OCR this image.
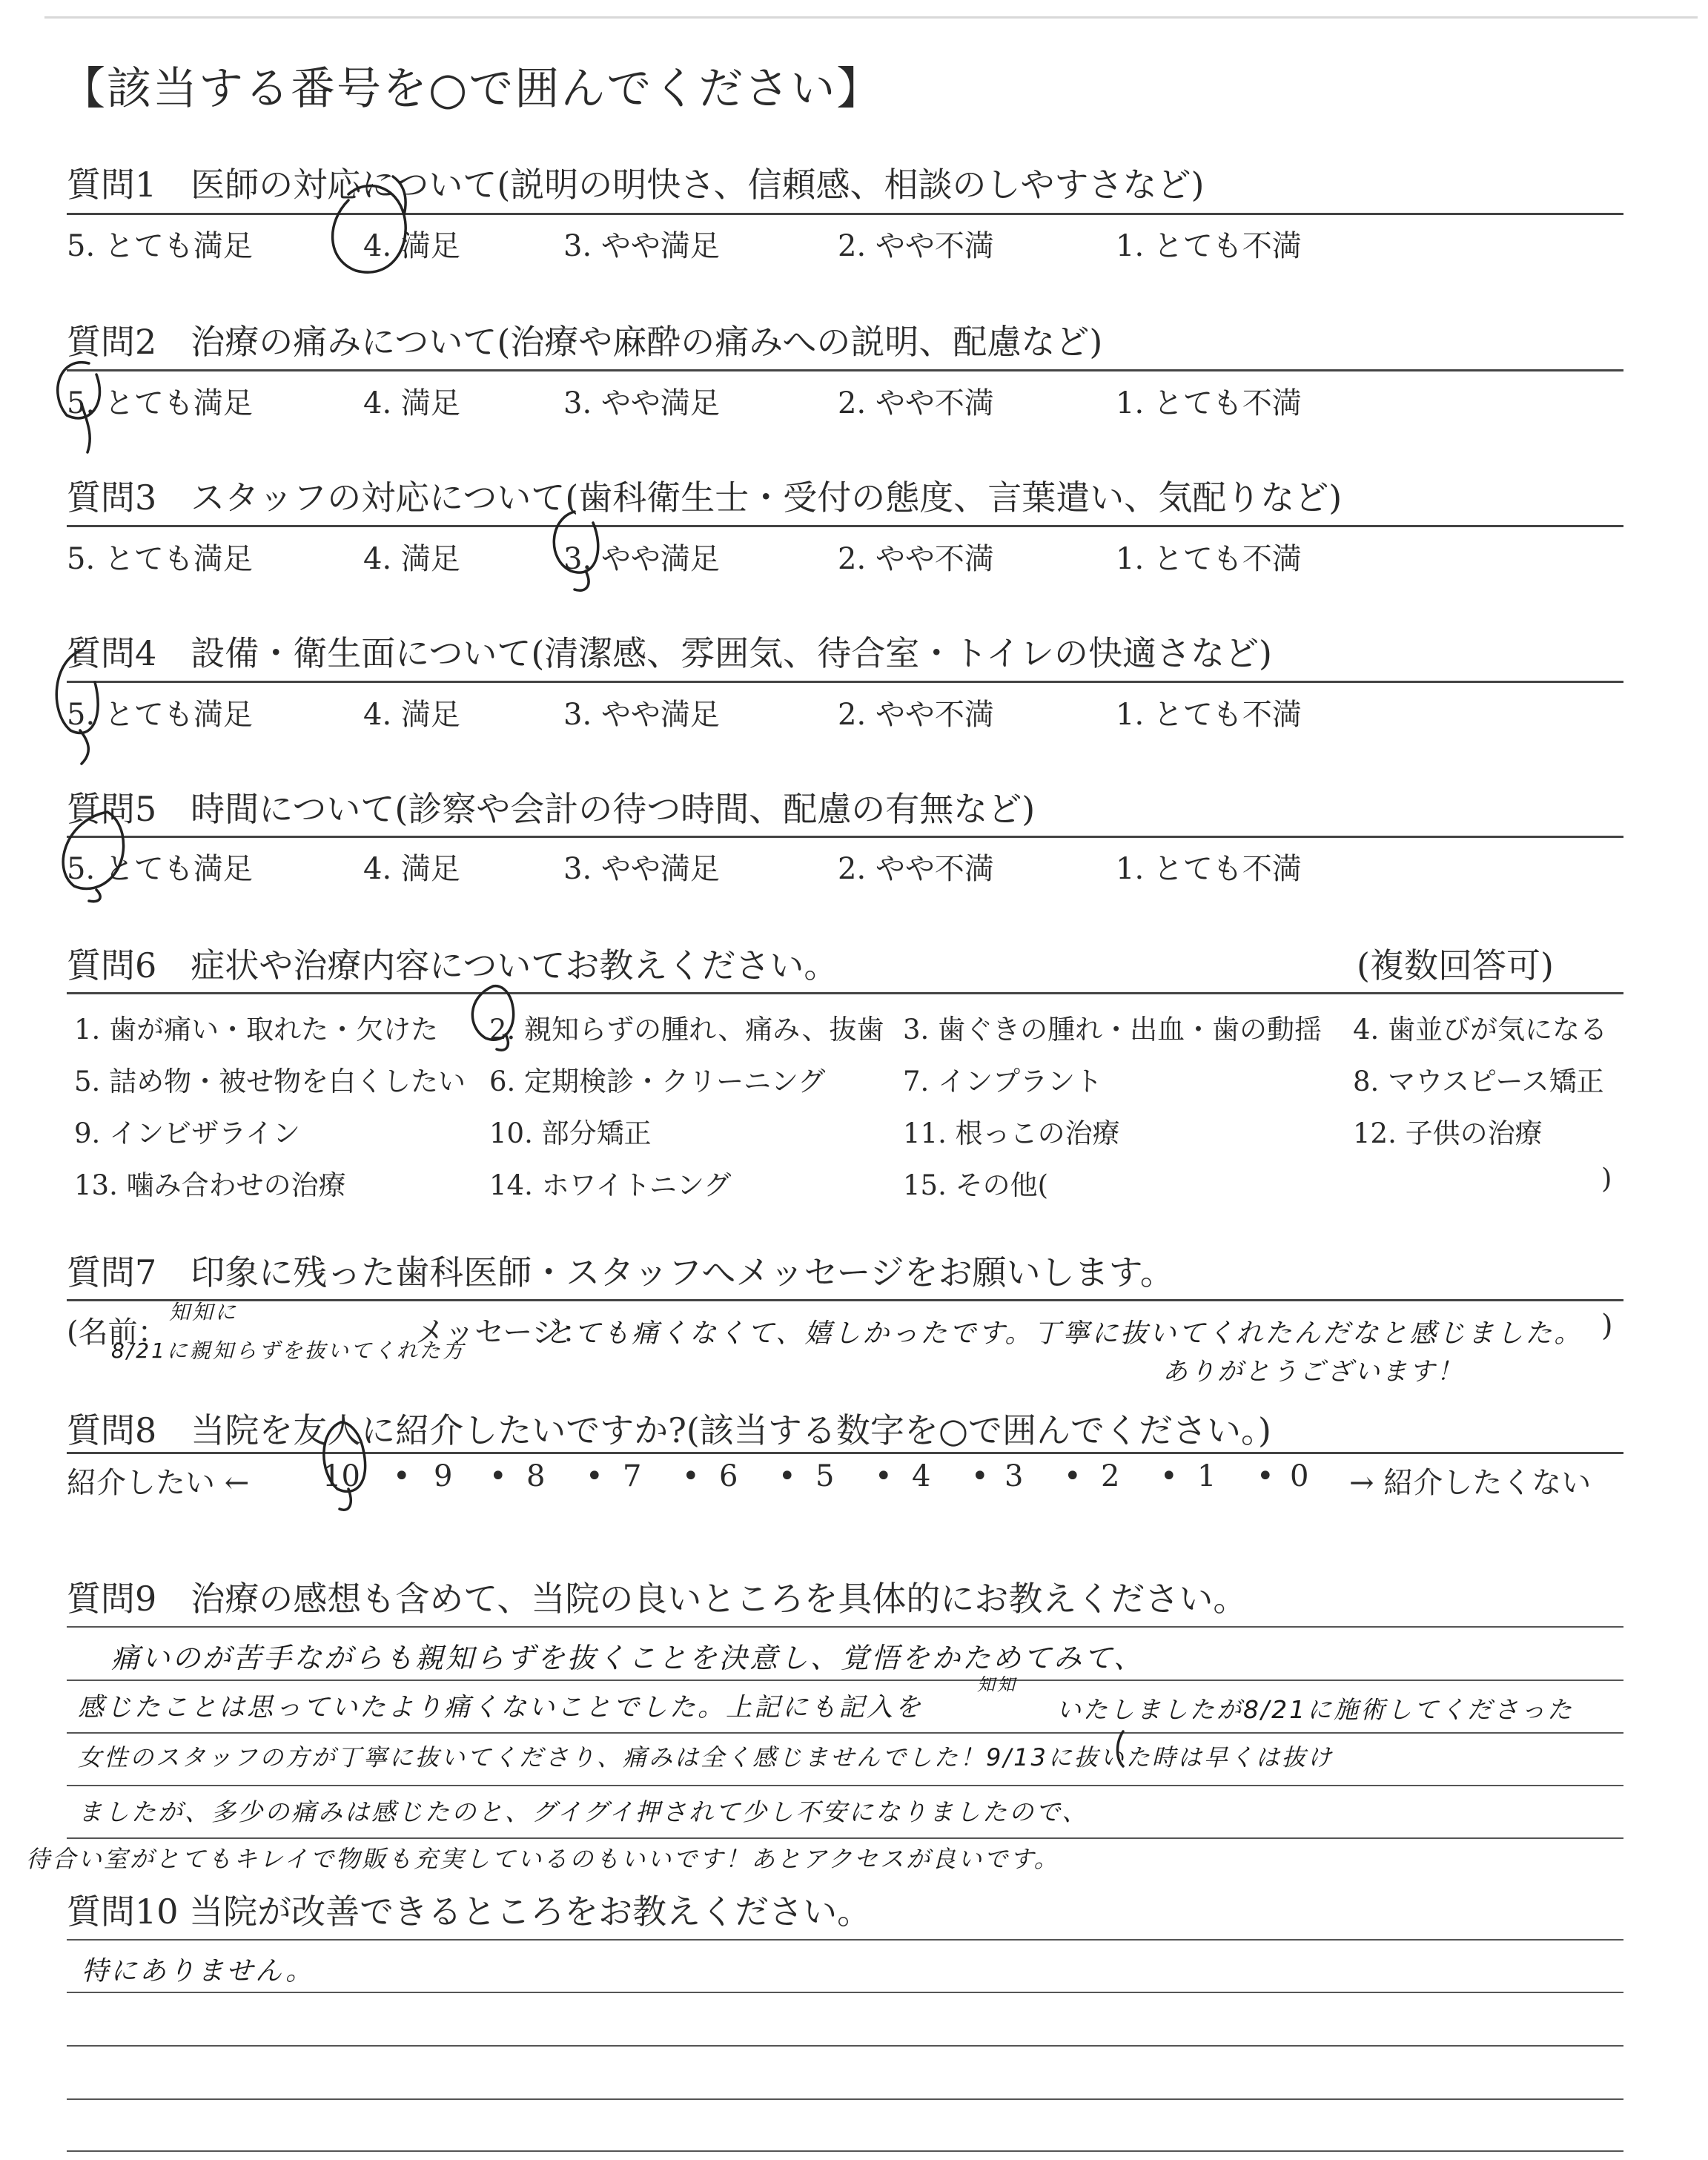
【該当する番号を○で囲んでください】
質問1　医師の対応について(説明の明快さ、信頼感、相談のしやすさなど)
5. とても満足	4. 満足	3. やや満足	2. やや不満	1. とても不満
質問2　治療の痛みについて(治療や麻酔の痛みへの説明、配慮など)
5. とても満足	4. 満足	3. やや満足	2. やや不満	1. とても不満
質問3　スタッフの対応について(歯科衛生士・受付の態度、言葉遣い、気配りなど)
5. とても満足	4. 満足	3. やや満足	2. やや不満	1. とても不満
質問4　設備・衛生面について(清潔感、雰囲気、待合室・トイレの快適さなど)
5. とても満足	4. 満足	3. やや満足	2. やや不満	1. とても不満
質問5　時間について(診察や会計の待つ時間、配慮の有無など)
5. とても満足	4. 満足	3. やや満足	2. やや不満	1. とても不満
質問6　症状や治療内容についてお教えください。	(複数回答可)
1. 歯が痛い・取れた・欠けた 2. 親知らずの腫れ、痛み、抜歯 3. 歯ぐきの腫れ・出血・歯の動揺 4. 歯並びが気になる
5. 詰め物・被せ物を白くしたい 6. 定期検診・クリーニング	7. インプラント	8. マウスピース矯正
9. インビザライン	10. 部分矯正	11. 根っこの治療	12. 子供の治療
13. 噛み合わせの治療	14. ホワイトニング	15. その他(	)
質問7　印象に残った歯科医師・スタッフへメッセージをお願いします。
(名前：	メッセージ：	)
知知に
8/21に親知らずを抜いてくれた方
とても痛くなくて、嬉しかったです。丁寧に抜いてくれたんだなと感じました。
ありがとうございます！
質問8　当院を友人に紹介したいですか?(該当する数字を○で囲んでください。)
紹介したい ← 10 • 9 • 8 • 7 • 6 • 5 • 4 • 3 • 2 • 1 • 0 → 紹介したくない
質問9　治療の感想も含めて、当院の良いところを具体的にお教えください。
痛いのが苦手ながらも親知らずを抜くことを決意し、覚悟をかためてみて、
感じたことは思っていたより痛くないことでした。上記にも記入を
知知
いたしましたが8/21に施術してくださった
女性のスタッフの方が丁寧に抜いてくださり、痛みは全く感じませんでした！9/13に抜いた時は早くは抜け
ましたが、多少の痛みは感じたのと、グイグイ押されて少し不安になりましたので、
待合い室がとてもキレイで物販も充実しているのもいいです！あとアクセスが良いです。
質問10 当院が改善できるところをお教えください。
特にありません。
